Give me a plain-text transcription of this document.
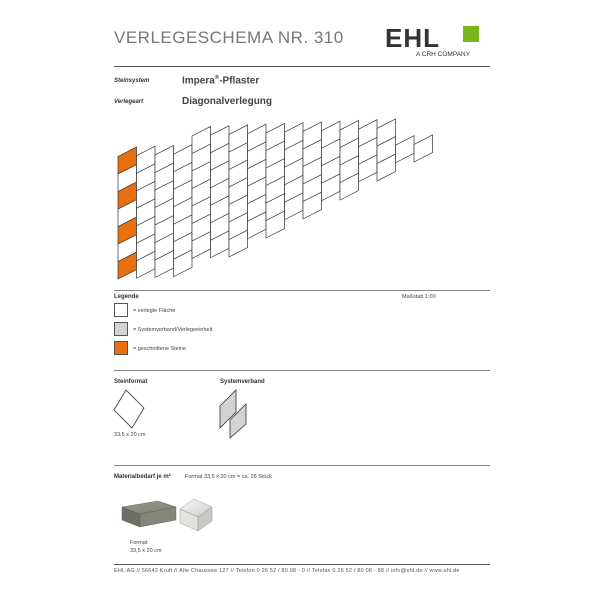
VERLEGESCHEMA NR. 310 EHL
A CRH COMPANY
Steinsystem	Impera®-Pflaster
Verlegeart	Diagonalverlegung
Legende	Maßstab 1:00
= verlegte Fläche
= Systemverband/Verlegeeinheit
= geschnittene Steine
Steinformat	Systemverband
33,5 x 20 cm
Materialbedarf je m²	Format 33,5 x 20 cm = ca. 28 Stück
Format
33,5 x 20 cm
EHL AG // 56642 Kruft // Alte Chaussee 127 // Telefon 0 26 52 / 80 08 - 0 // Telefax 0 26 52 / 80 08 - 88 // info@ehl.de // www.ehl.de
